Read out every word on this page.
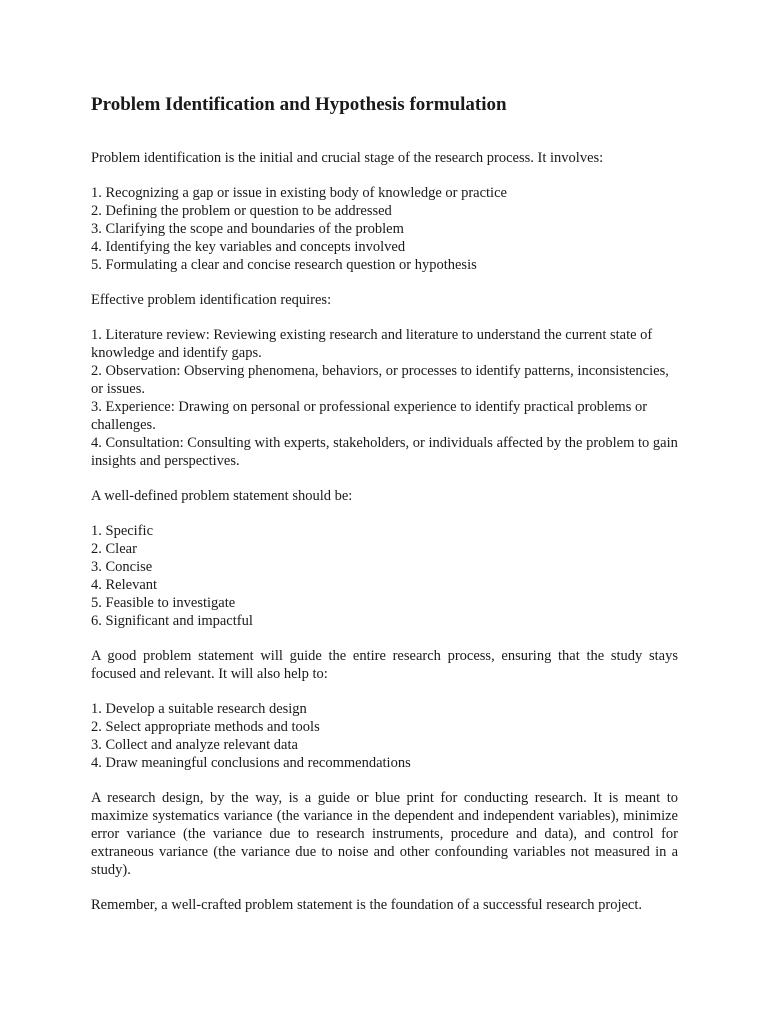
Problem Identification and Hypothesis formulation

Problem identification is the initial and crucial stage of the research process. It involves:

1. Recognizing a gap or issue in existing body of knowledge or practice
2. Defining the problem or question to be addressed
3. Clarifying the scope and boundaries of the problem
4. Identifying the key variables and concepts involved
5. Formulating a clear and concise research question or hypothesis

Effective problem identification requires:

1. Literature review: Reviewing existing research and literature to understand the current state of knowledge and identify gaps.
2. Observation: Observing phenomena, behaviors, or processes to identify patterns, inconsistencies, or issues.
3. Experience: Drawing on personal or professional experience to identify practical problems or challenges.
4. Consultation: Consulting with experts, stakeholders, or individuals affected by the problem to gain insights and perspectives.

A well-defined problem statement should be:

1. Specific
2. Clear
3. Concise
4. Relevant
5. Feasible to investigate
6. Significant and impactful

A good problem statement will guide the entire research process, ensuring that the study stays focused and relevant. It will also help to:

1. Develop a suitable research design
2. Select appropriate methods and tools
3. Collect and analyze relevant data
4. Draw meaningful conclusions and recommendations

A research design, by the way, is a guide or blue print for conducting research. It is meant to maximize systematics variance (the variance in the dependent and independent variables), minimize error variance (the variance due to research instruments, procedure and data), and control for extraneous variance (the variance due to noise and other confounding variables not measured in a study).

Remember, a well-crafted problem statement is the foundation of a successful research project.
